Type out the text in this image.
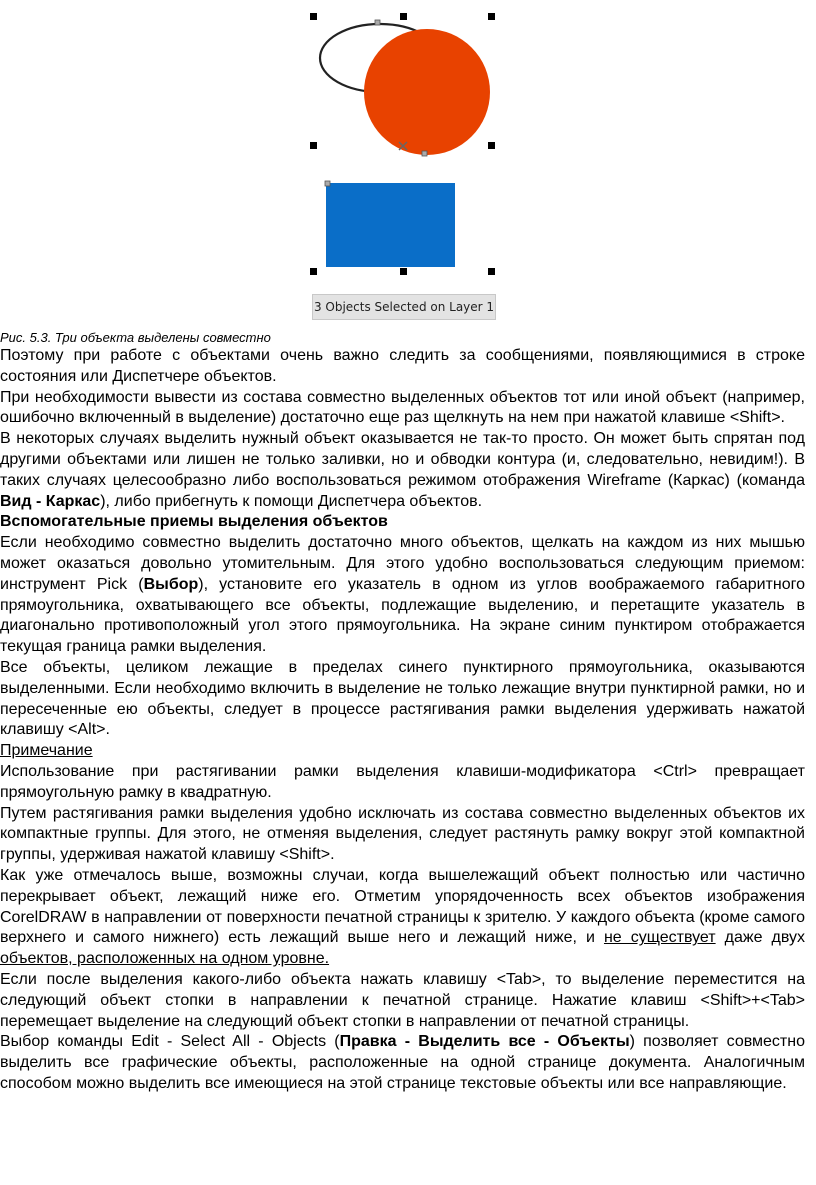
3 Objects Selected on Layer 1
Рис. 5.3. Три объекта выделены совместно

Поэтому при работе с объектами очень важно следить за сообщениями, появляющимися в строке состояния или Диспетчере объектов.

При необходимости вывести из состава совместно выделенных объектов тот или иной объект (например, ошибочно включенный в выделение) достаточно еще раз щелкнуть на нем при нажатой клавише <Shift>.

В некоторых случаях выделить нужный объект оказывается не так-то просто. Он может быть спрятан под другими объектами или лишен не только заливки, но и обводки контура (и, следовательно, невидим!). В таких случаях целесообразно либо воспользоваться режимом отображения Wireframe (Каркас) (команда Вид - Каркас), либо прибегнуть к помощи Диспетчера объектов.

Вспомогательные приемы выделения объектов

Если необходимо совместно выделить достаточно много объектов, щелкать на каждом из них мышью может оказаться довольно утомительным. Для этого удобно воспользоваться следующим приемом: инструмент Pick (Выбор), установите его указатель в одном из углов воображаемого габаритного прямоугольника, охватывающего все объекты, подлежащие выделению, и перетащите указатель в диагонально противоположный угол этого прямоугольника. На экране синим пунктиром отображается текущая граница рамки выделения.

Все объекты, целиком лежащие в пределах синего пунктирного прямоугольника, оказываются выделенными. Если необходимо включить в выделение не только лежащие внутри пунктирной рамки, но и пересеченные ею объекты, следует в процессе растягивания рамки выделения удерживать нажатой клавишу <Alt>.

Примечание

Использование при растягивании рамки выделения клавиши-модификатора <Ctrl> превращает прямоугольную рамку в квадратную.

Путем растягивания рамки выделения удобно исключать из состава совместно выделенных объектов их компактные группы. Для этого, не отменяя выделения, следует растянуть рамку вокруг этой компактной группы, удерживая нажатой клавишу <Shift>.

Как уже отмечалось выше, возможны случаи, когда вышележащий объект полностью или частично перекрывает объект, лежащий ниже его. Отметим упорядоченность всех объектов изображения CorelDRAW в направлении от поверхности печатной страницы к зрителю. У каждого объекта (кроме самого верхнего и самого нижнего) есть лежащий выше него и лежащий ниже, и не существует даже двух объектов, расположенных на одном уровне.

Если после выделения какого-либо объекта нажать клавишу <Tab>, то выделение переместится на следующий объект стопки в направлении к печатной странице. Нажатие клавиш <Shift>+<Tab> перемещает выделение на следующий объект стопки в направлении от печатной страницы.

Выбор команды Edit - Select All - Objects (Правка - Выделить все - Объекты) позволяет совместно выделить все графические объекты, расположенные на одной странице документа. Аналогичным способом можно выделить все имеющиеся на этой странице текстовые объекты или все направляющие.
